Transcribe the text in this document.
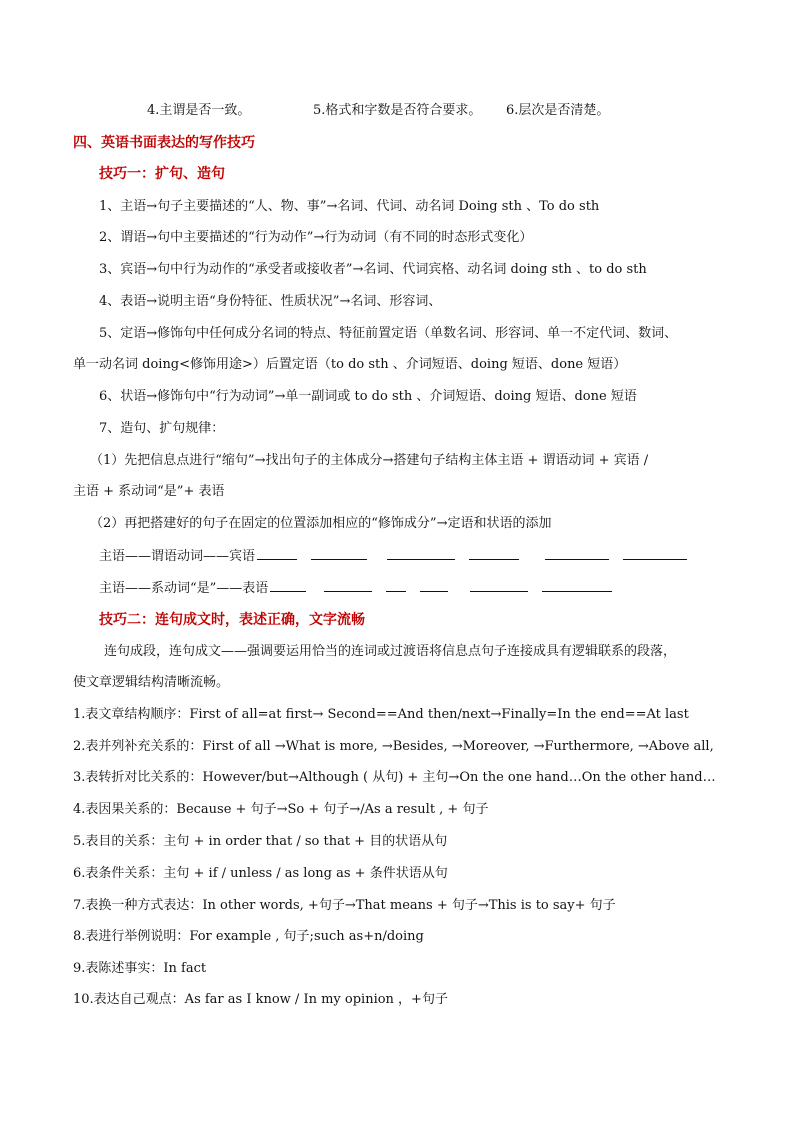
4.主谓是否一致。	5.格式和字数是否符合要求。 6.层次是否清楚。
四、英语书面表达的写作技巧
技巧一：扩句、造句
1、主语→句子主要描述的“人、物、事”→名词、代词、动名词 Doing sth 、To do sth
2、谓语→句中主要描述的“行为动作”→行为动词（有不同的时态形式变化）
3、宾语→句中行为动作的“承受者或接收者”→名词、代词宾格、动名词 doing sth 、to do sth
4、表语→说明主语“身份特征、性质状况”→名词、形容词、
5、定语→修饰句中任何成分名词的特点、特征前置定语（单数名词、形容词、单一不定代词、数词、
单一动名词 doing<修饰用途>）后置定语（to do sth 、介词短语、doing 短语、done 短语）
6、状语→修饰句中“行为动词”→单一副词或 to do sth 、介词短语、doing 短语、done 短语
7、造句、扩句规律：
（1）先把信息点进行“缩句”→找出句子的主体成分→搭建句子结构主体主语 + 谓语动词 + 宾语 /
主语 + 系动词“是”+ 表语
（2）再把搭建好的句子在固定的位置添加相应的“修饰成分”→定语和状语的添加
主语——谓语动词——宾语
主语——系动词“是”——表语
技巧二：连句成文时，表述正确，文字流畅
连句成段，连句成文——强调要运用恰当的连词或过渡语将信息点句子连接成具有逻辑联系的段落，
使文章逻辑结构清晰流畅。
1.表文章结构顺序：First of all=at first→ Second==And then/next→Finally=In the end==At last
2.表并列补充关系的：First of all →What is more, →Besides, →Moreover, →Furthermore, →Above all,
3.表转折对比关系的：However/but→Although ( 从句) + 主句→On the one hand…On the other hand…
4.表因果关系的：Because + 句子→So + 句子→/As a result , + 句子
5.表目的关系：主句 + in order that / so that + 目的状语从句
6.表条件关系：主句 + if / unless / as long as + 条件状语从句
7.表换一种方式表达：In other words, +句子→That means + 句子→This is to say+ 句子
8.表进行举例说明：For example , 句子;such as+n/doing
9.表陈述事实：In fact
10.表达自己观点：As far as I know / In my opinion ，+句子
